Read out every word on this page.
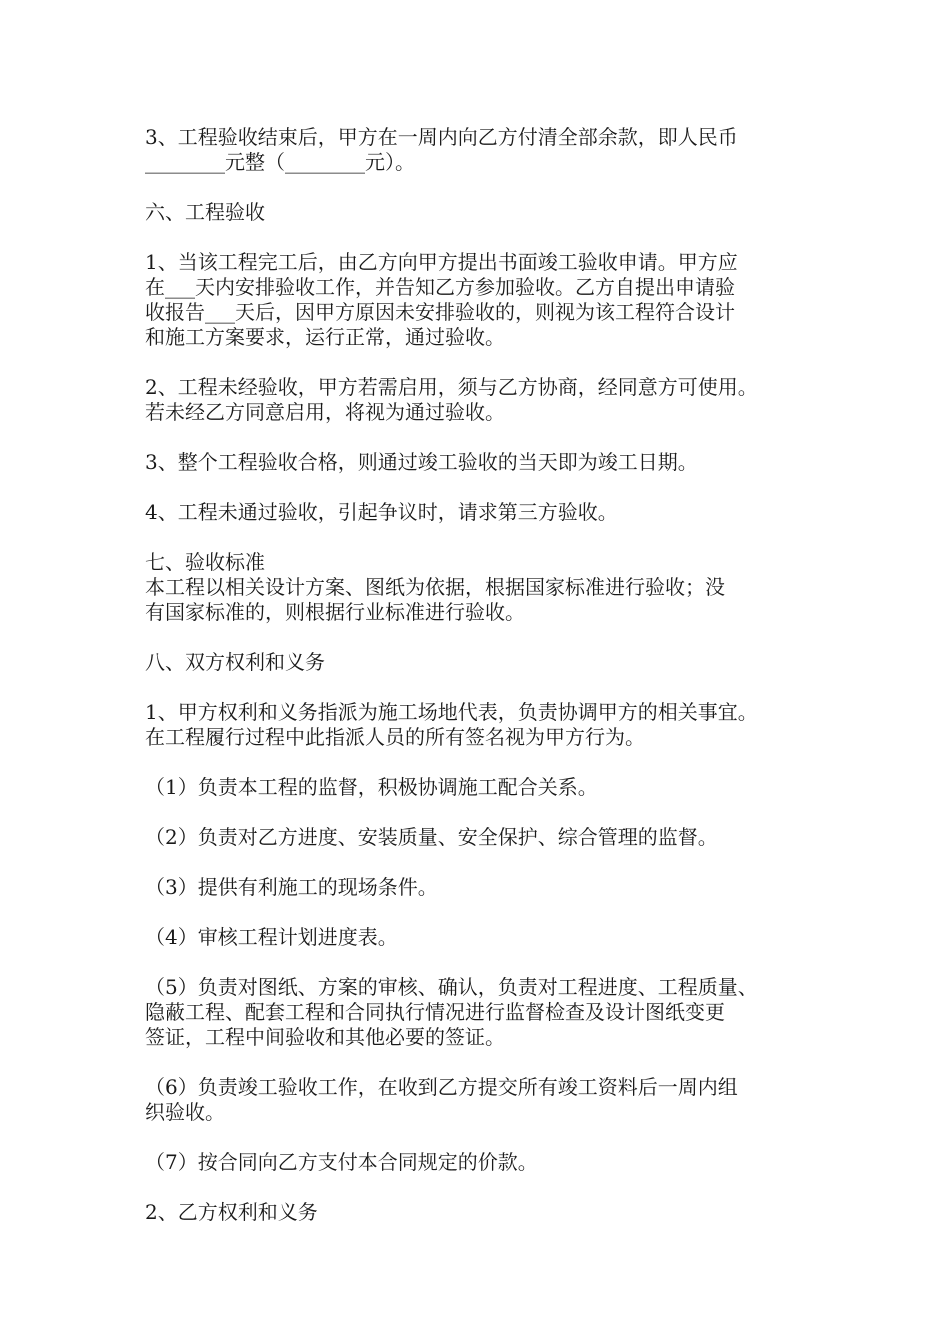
3、工程验收结束后，甲方在一周内向乙方付清全部余款，即人民币
________元整（________元）。
六、工程验收
1、当该工程完工后，由乙方向甲方提出书面竣工验收申请。甲方应
在___天内安排验收工作，并告知乙方参加验收。乙方自提出申请验
收报告___天后，因甲方原因未安排验收的，则视为该工程符合设计
和施工方案要求，运行正常，通过验收。
2、工程未经验收，甲方若需启用，须与乙方协商，经同意方可使用。
若未经乙方同意启用，将视为通过验收。
3、整个工程验收合格，则通过竣工验收的当天即为竣工日期。
4、工程未通过验收，引起争议时，请求第三方验收。
七、验收标准
本工程以相关设计方案、图纸为依据，根据国家标准进行验收；没
有国家标准的，则根据行业标准进行验收。
八、双方权利和义务
1、甲方权利和义务指派为施工场地代表，负责协调甲方的相关事宜。
在工程履行过程中此指派人员的所有签名视为甲方行为。
（1）负责本工程的监督，积极协调施工配合关系。
（2）负责对乙方进度、安装质量、安全保护、综合管理的监督。
（3）提供有利施工的现场条件。
（4）审核工程计划进度表。
（5）负责对图纸、方案的审核、确认，负责对工程进度、工程质量、
隐蔽工程、配套工程和合同执行情况进行监督检查及设计图纸变更
签证，工程中间验收和其他必要的签证。
（6）负责竣工验收工作，在收到乙方提交所有竣工资料后一周内组
织验收。
（7）按合同向乙方支付本合同规定的价款。
2、乙方权利和义务
